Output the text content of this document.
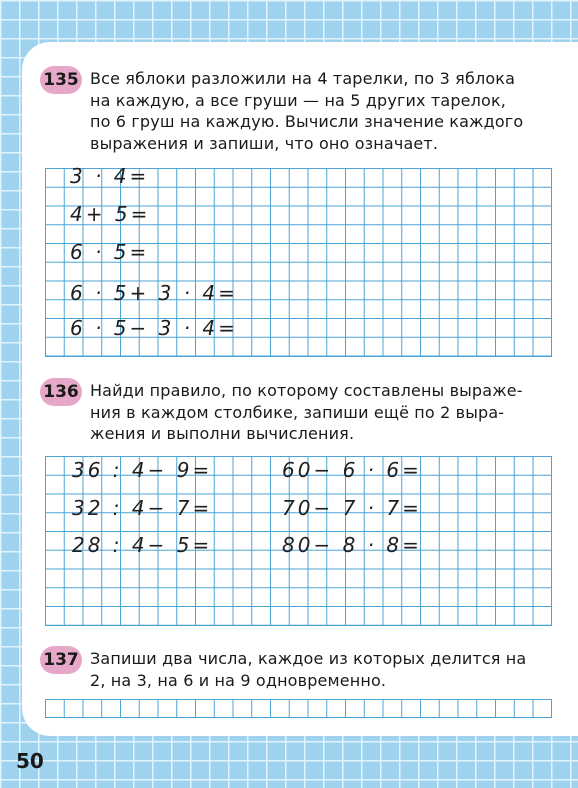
135 Все яблоки разложили на 4 тарелки, по 3 яблока
на каждую, а все груши — на 5 других тарелок,
по 6 груш на каждую. Вычисли значение каждого
выражения и запиши, что оно означает.
3 · 4=
4+ 5=
6 · 5=
6 · 5+ 3 · 4=
6 · 5− 3 · 4=
136 Найди правило, по которому составлены выраже-
ния в каждом столбике, запиши ещё по 2 выра-
жения и выполни вычисления.
36 : 4− 9=
32 : 4− 7=
28 : 4− 5=
60− 6 · 6=
70− 7 · 7=
80− 8 · 8=
137 Запиши два числа, каждое из которых делится на
2, на 3, на 6 и на 9 одновременно.
50
